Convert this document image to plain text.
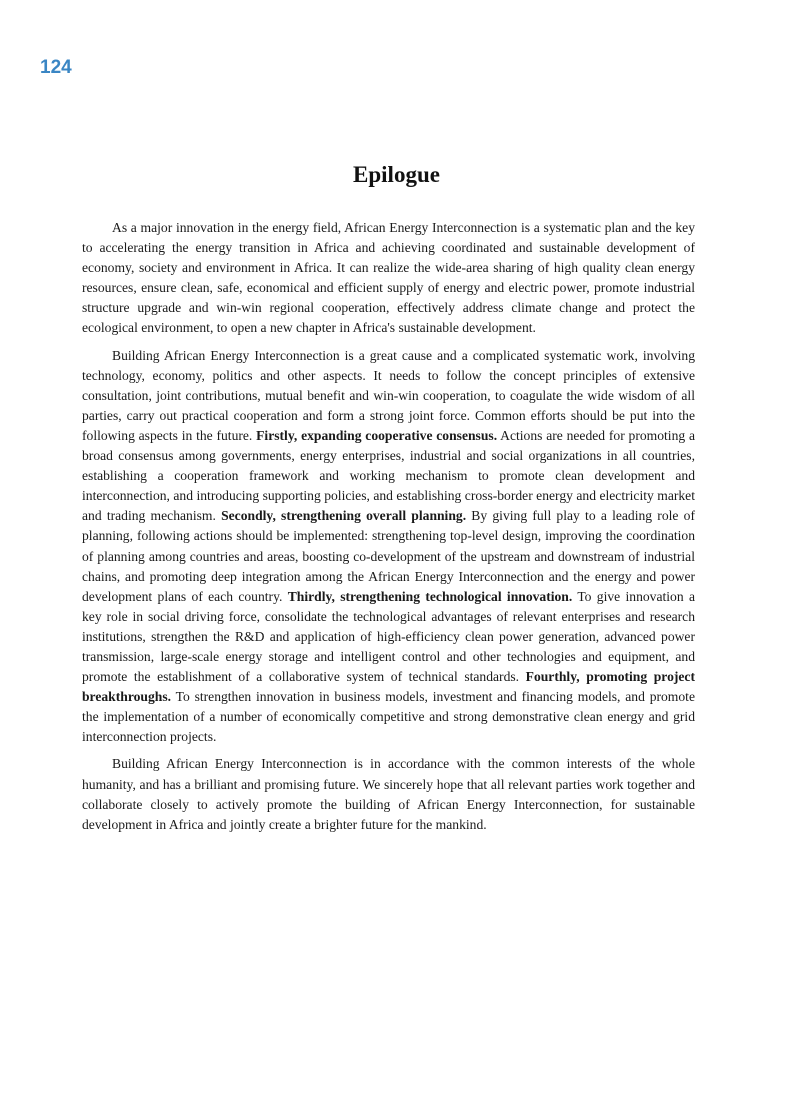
124
Epilogue

As a major innovation in the energy field, African Energy Interconnection is a systematic plan and the key to accelerating the energy transition in Africa and achieving coordinated and sustainable development of economy, society and environment in Africa. It can realize the wide-area sharing of high quality clean energy resources, ensure clean, safe, economical and efficient supply of energy and electric power, promote industrial structure upgrade and win-win regional cooperation, effectively address climate change and protect the ecological environment, to open a new chapter in Africa's sustainable development.

Building African Energy Interconnection is a great cause and a complicated systematic work, involving technology, economy, politics and other aspects. It needs to follow the concept principles of extensive consultation, joint contributions, mutual benefit and win-win cooperation, to coagulate the wide wisdom of all parties, carry out practical cooperation and form a strong joint force. Common efforts should be put into the following aspects in the future. Firstly, expanding cooperative consensus. Actions are needed for promoting a broad consensus among governments, energy enterprises, industrial and social organizations in all countries, establishing a cooperation framework and working mechanism to promote clean development and interconnection, and introducing supporting policies, and establishing cross-border energy and electricity market and trading mechanism. Secondly, strengthening overall planning. By giving full play to a leading role of planning, following actions should be implemented: strengthening top-level design, improving the coordination of planning among countries and areas, boosting co-development of the upstream and downstream of industrial chains, and promoting deep integration among the African Energy Interconnection and the energy and power development plans of each country. Thirdly, strengthening technological innovation. To give innovation a key role in social driving force, consolidate the technological advantages of relevant enterprises and research institutions, strengthen the R&D and application of high-efficiency clean power generation, advanced power transmission, large-scale energy storage and intelligent control and other technologies and equipment, and promote the establishment of a collaborative system of technical standards. Fourthly, promoting project breakthroughs. To strengthen innovation in business models, investment and financing models, and promote the implementation of a number of economically competitive and strong demonstrative clean energy and grid interconnection projects.

Building African Energy Interconnection is in accordance with the common interests of the whole humanity, and has a brilliant and promising future. We sincerely hope that all relevant parties work together and collaborate closely to actively promote the building of African Energy Interconnection, for sustainable development in Africa and jointly create a brighter future for the mankind.
